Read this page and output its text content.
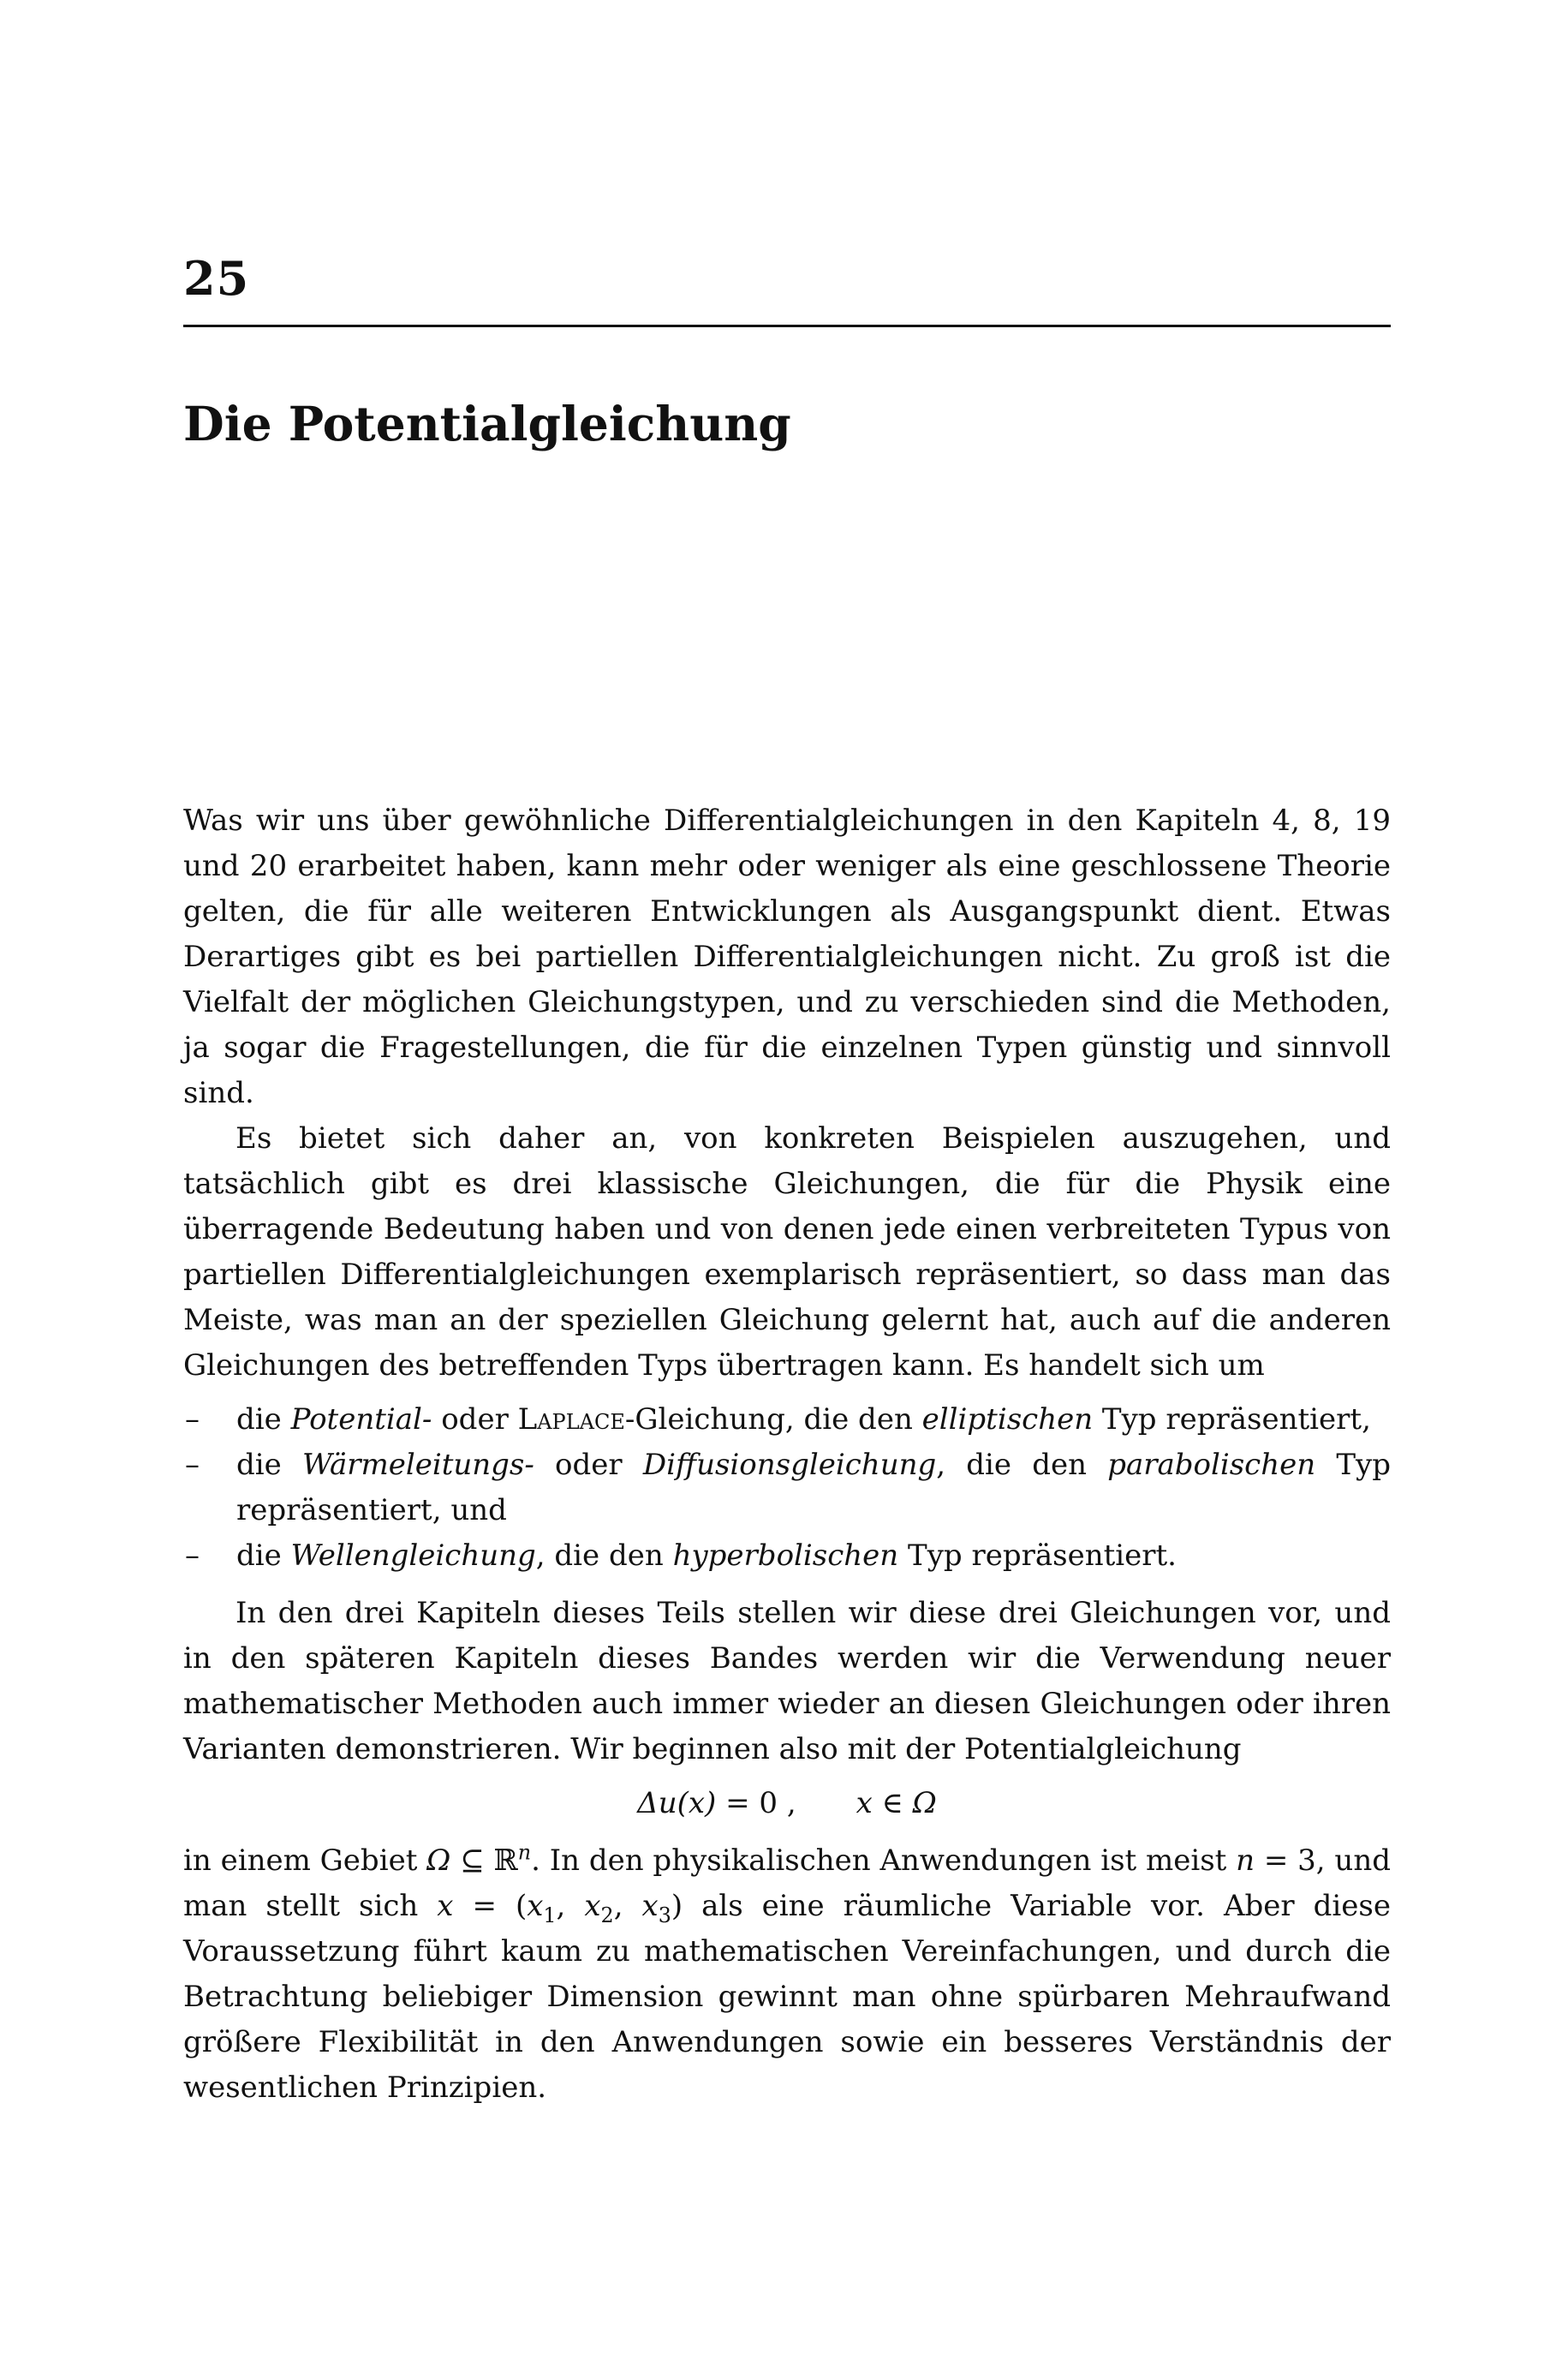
25
Die Potentialgleichung

Was wir uns über gewöhnliche Differentialgleichungen in den Kapiteln 4, 8, 19 und 20 erarbeitet haben, kann mehr oder weniger als eine geschlossene Theorie gelten, die für alle weiteren Entwicklungen als Ausgangspunkt dient. Etwas Derartiges gibt es bei partiellen Differentialgleichungen nicht. Zu groß ist die Vielfalt der möglichen Gleichungstypen, und zu verschieden sind die Methoden, ja sogar die Fragestellungen, die für die einzelnen Typen günstig und sinnvoll sind.

Es bietet sich daher an, von konkreten Beispielen auszugehen, und tatsächlich gibt es drei klassische Gleichungen, die für die Physik eine überragende Bedeutung haben und von denen jede einen verbreiteten Typus von partiellen Differentialgleichungen exemplarisch repräsentiert, so dass man das Meiste, was man an der speziellen Gleichung gelernt hat, auch auf die anderen Gleichungen des betreffenden Typs übertragen kann. Es handelt sich um

– die Potential- oder Laplace-Gleichung, die den elliptischen Typ repräsentiert,
– die Wärmeleitungs- oder Diffusionsgleichung, die den parabolischen Typ repräsentiert, und
– die Wellengleichung, die den hyperbolischen Typ repräsentiert.

In den drei Kapiteln dieses Teils stellen wir diese drei Gleichungen vor, und in den späteren Kapiteln dieses Bandes werden wir die Verwendung neuer mathematischer Methoden auch immer wieder an diesen Gleichungen oder ihren Varianten demonstrieren. Wir beginnen also mit der Potentialgleichung

Δu(x) = 0 , x ∈ Ω

in einem Gebiet Ω ⊆ ℝ$^n$. In den physikalischen Anwendungen ist meist n = 3, und man stellt sich $x = (x_1$, $x_2$, $x_3$) als eine räumliche Variable vor. Aber diese Voraussetzung führt kaum zu mathematischen Vereinfachungen, und durch die Betrachtung beliebiger Dimension gewinnt man ohne spürbaren Mehraufwand größere Flexibilität in den Anwendungen sowie ein besseres Verständnis der wesentlichen Prinzipien.
